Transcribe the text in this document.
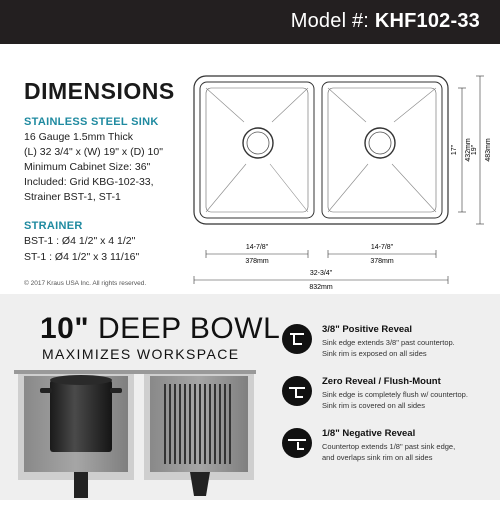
Model #: KHF102-33
DIMENSIONS
STAINLESS STEEL SINK
16 Gauge 1.5mm Thick
(L) 32 3/4" x (W) 19" x (D) 10"
Minimum Cabinet Size: 36"
Included: Grid KBG-102-33,
Strainer BST-1, ST-1
STRAINER
BST-1 : Ø4 1/2" x 4 1/2"
ST-1 : Ø4 1/2" x 3 11/16"
© 2017 Kraus USA Inc. All rights reserved.
14-7/8"
378mm
14-7/8"
378mm
32-3/4"
832mm
17" 432mm 19" 483mm
10" DEEP BOWL
MAXIMIZES WORKSPACE
3/8" Positive Reveal
Sink edge extends 3/8" past countertop.
Sink rim is exposed on all sides
Zero Reveal / Flush-Mount
Sink edge is completely flush w/ countertop.
Sink rim is covered on all sides
1/8" Negative Reveal
Countertop extends 1/8" past sink edge,
and overlaps sink rim on all sides
